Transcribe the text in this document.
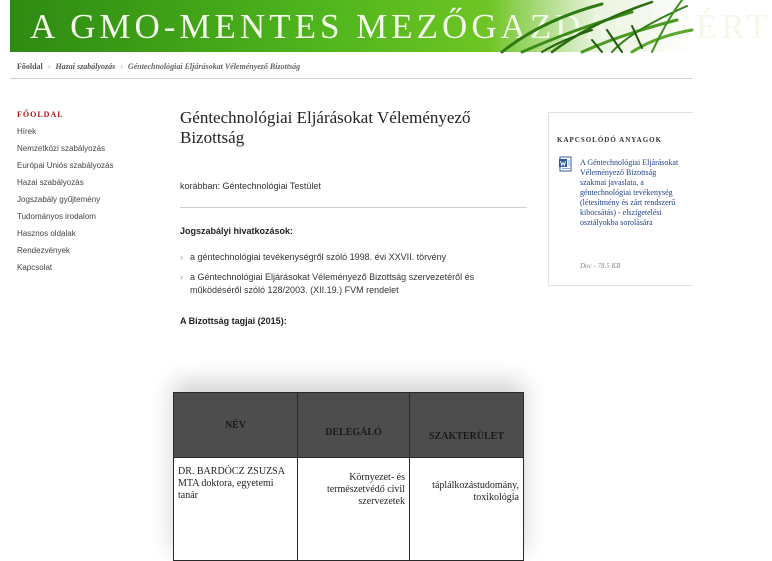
A GMO-MENTES MEZŐGAZDASÁGÉRT
Főoldal › Hazai szabályozás › Géntechnológiai Eljárásokat Véleményező Bizottság
FŐOLDAL
Hírek
Nemzetközi szabályozás
Európai Uniós szabályozás
Hazai szabályozás
Jogszabály gyűjtemény
Tudományos irodalom
Hasznos oldalak
Rendezvények
Kapcsolat
Géntechnológiai Eljárásokat Véleményező Bizottság
korábban: Géntechnológiai Testület
Jogszabályi hivatkozások:
› a géntechnológiai tevékenységről szóló 1998. évi XXVII. törvény
› a Géntechnológiai Eljárásokat Véleményező Bizottság szervezetéről és működéséről szóló 128/2003. (XII.19.) FVM rendelet
A Bizottság tagjai (2015):
NÉV	DELEGÁLÓ	SZAKTERÜLET

DR. BARDÓCZ ZSUZSA
MTA doktora, egyetemi tanár	Környezet- és természetvédő civil szervezetek	táplálkozástudomány, toxikológia
KAPCSOLÓDÓ ANYAGOK
A Géntechnológiai Eljárásokat Véleményező Bizottság szakmai javaslata, a géntechnológiai tevékenység (létesítmény és zárt rendszerű kibocsátás) - elszigetelési osztályokba sorolására
Doc - 78.5 KB
